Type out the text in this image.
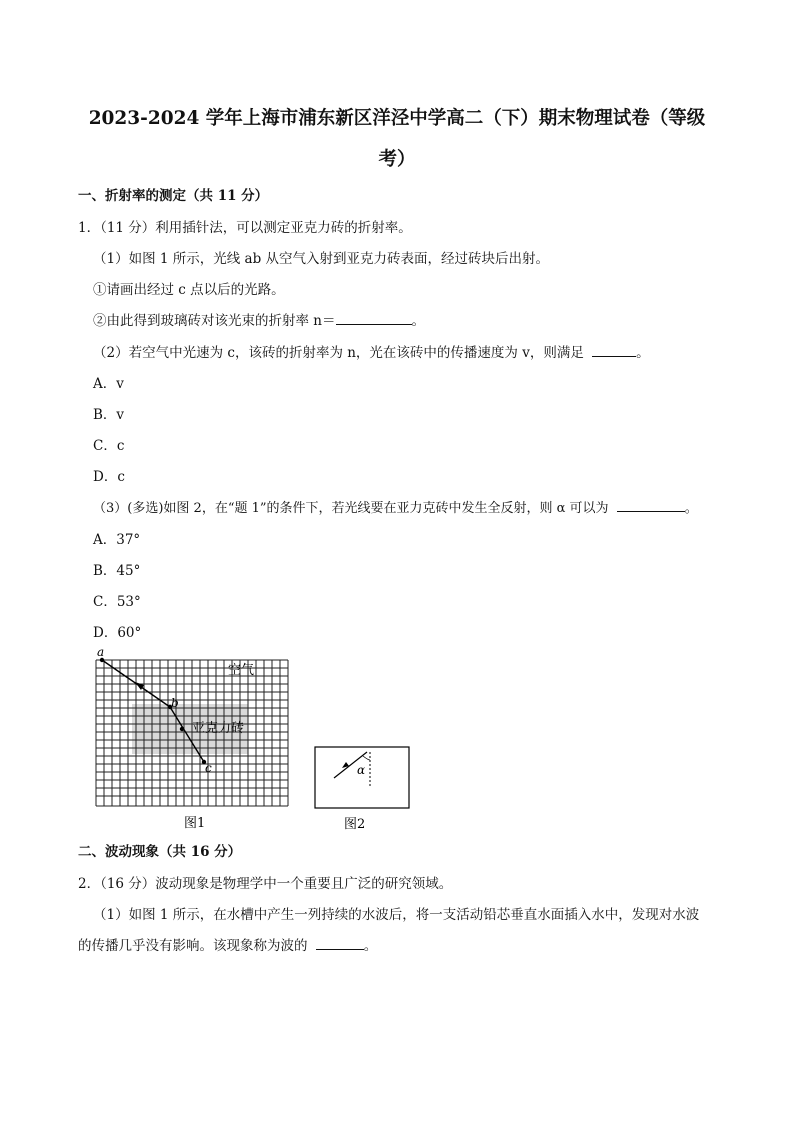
2023-2024 学年上海市浦东新区洋泾中学高二（下）期末物理试卷（等级
考）
一、折射率的测定（共 11 分）
1．（11 分）利用插针法，可以测定亚克力砖的折射率。
（1）如图 1 所示，光线 ab 从空气入射到亚克力砖表面，经过砖块后出射。
①请画出经过 c 点以后的光路。
②由此得到玻璃砖对该光束的折射率 n＝	。
（2）若空气中光速为 c，该砖的折射率为 n，光在该砖中的传播速度为 v，则满足	。
A．v
B．v
C．c
D．c
（3）(多选)如图 2，在“题 1”的条件下，若光线要在亚力克砖中发生全反射，则 α 可以为	。
A．37°
B．45°
C．53°
D．60°
a
b
c
空气
亚克力砖
图1
α
图2
二、波动现象（共 16 分）
2．（16 分）波动现象是物理学中一个重要且广泛的研究领域。
（1）如图 1 所示，在水槽中产生一列持续的水波后，将一支活动铅芯垂直水面插入水中，发现对水波
的传播几乎没有影响。该现象称为波的	。
